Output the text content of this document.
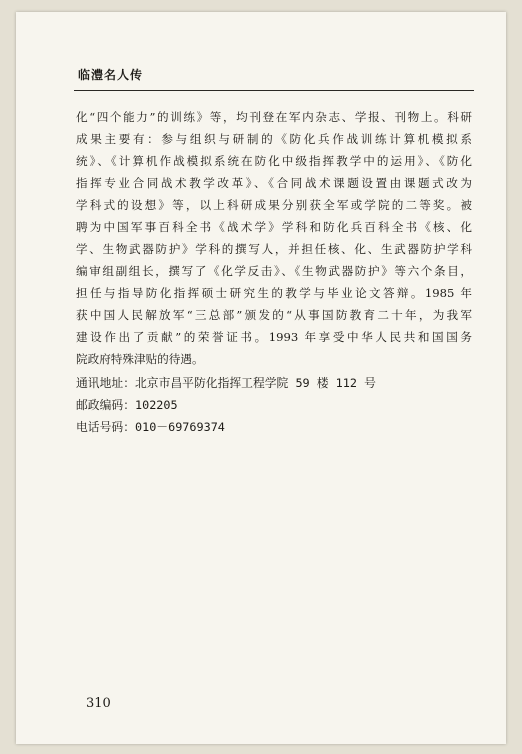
临澧名人传
化“四个能力”的训练》等，均刊登在军内杂志、学报、刊物上。科研
成果主要有：参与组织与研制的《防化兵作战训练计算机模拟系
统》、《计算机作战模拟系统在防化中级指挥教学中的运用》、《防化
指挥专业合同战术教学改革》、《合同战术课题设置由课题式改为
学科式的设想》等，以上科研成果分别获全军或学院的二等奖。被
聘为中国军事百科全书《战术学》学科和防化兵百科全书《核、化
学、生物武器防护》学科的撰写人，并担任核、化、生武器防护学科
编审组副组长，撰写了《化学反击》、《生物武器防护》等六个条目，
担任与指导防化指挥硕士研究生的教学与毕业论文答辩。1985 年
获中国人民解放军“三总部”颁发的“从事国防教育二十年，为我军
建设作出了贡献”的荣誉证书。1993 年享受中华人民共和国国务
院政府特殊津贴的待遇。
通讯地址：北京市昌平防化指挥工程学院 59 楼 112 号
邮政编码：102205
电话号码：010－69769374
310
